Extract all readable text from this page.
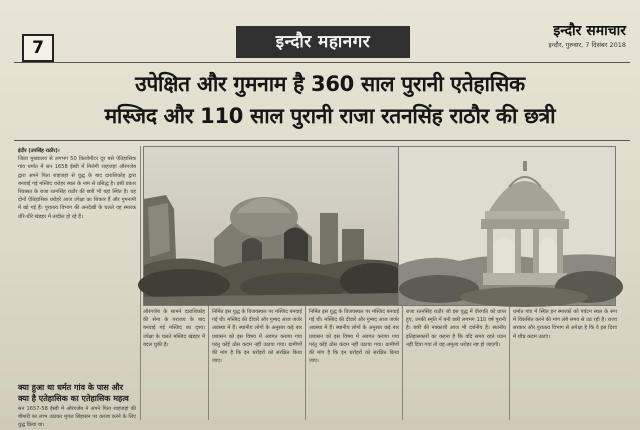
7	इन्दौर महानगर
इन्दौर समाचार
इन्दौर, गुरुवार, 7 दिसंबर 2018
उपेक्षित और गुमनाम है 360 साल पुरानी एतेहासिक
मस्जिद और 110 साल पुरानी राजा रतनसिंह राठौर की छत्री
इंदौर (उपसिंह राठौर)।
जिला मुख्यालय से लगभग 50 किलोमीटर दूर बसे ऐतिहासिक गांव धर्मात में सन 1658 ईस्वी में मिलेगी शाहजहां औरंगजेब द्वारा अपने पिता शाहजहां से युद्ध के बाद दाराशिकोह द्वारा बनवाई गई मस्जिद धरोहर स्थल के नाम से प्रसिद्ध है। इसी प्रकार रियासत के राजा रतनसिंह राठौर की छत्री भी यहां स्थित है। यह दोनों ऐतिहासिक धरोहरें आज उपेक्षा का शिकार हैं और गुमनामी में खो गई हैं। पुरातत्व विभाग की अनदेखी के चलते यह स्मारक धीरे-धीरे खंडहर में तब्दील हो रहे हैं।
क्या हुआ था धर्मत गांव के पास और क्या है एतेहासिक का एतेहासिक महत्व
सन 1657-58 ईस्वी में औरंगजेब ने अपने पिता शाहजहां की बीमारी का लाभ उठाकर मुगल सिंहासन पर कब्जा करने के लिए युद्ध किया था।
औरंगजेब के सामने दाराशिकोह की सेना के पराजय के बाद बनवाई गई मस्जिद का दृश्य। उपेक्षा के चलते मस्जिद खंडहर में बदल चुकी है।
निर्मित इस युद्ध के विजयस्थल पर मस्जिद बनवाई गई थी। मस्जिद की दीवारें और गुम्बद आज जर्जर अवस्था में हैं। स्थानीय लोगों के अनुसार कई बार प्रशासन को इस विषय में अवगत कराया गया परंतु कोई ठोस कदम नहीं उठाया गया। ग्रामीणों की मांग है कि इन धरोहरों को संरक्षित किया जाए।
निर्मित इस युद्ध के विजयस्थल पर मस्जिद बनवाई गई थी। मस्जिद की दीवारें और गुम्बद आज जर्जर अवस्था में हैं। स्थानीय लोगों के अनुसार कई बार प्रशासन को इस विषय में अवगत कराया गया परंतु कोई ठोस कदम नहीं उठाया गया। ग्रामीणों की मांग है कि इन धरोहरों को संरक्षित किया जाए।
राजा रतनसिंह राठौर जो इस युद्ध में वीरगति को प्राप्त हुए, उनकी स्मृति में बनी छत्री लगभग 110 वर्ष पुरानी है। छत्री की नक्काशी आज भी दर्शनीय है। स्थानीय इतिहासकारों का कहना है कि यदि समय रहते ध्यान नहीं दिया गया तो यह अमूल्य धरोहर नष्ट हो जाएगी।
धर्मात गांव में स्थित इन स्मारकों को पर्यटन स्थल के रूप में विकसित करने की मांग लंबे समय से उठ रही है। राज्य सरकार और पुरातत्व विभाग से अपेक्षा है कि वे इस दिशा में शीघ्र कदम उठाएं।
